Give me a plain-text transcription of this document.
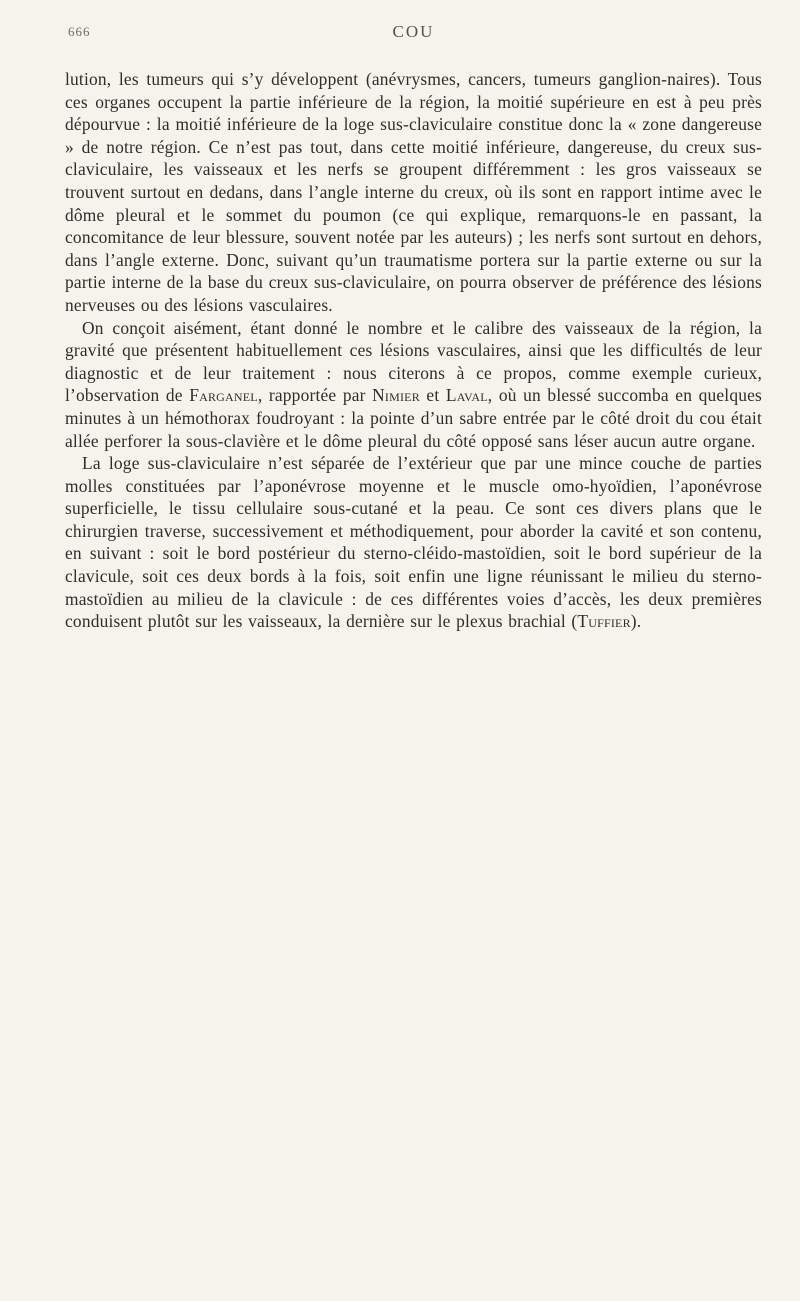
666	COU

lution, les tumeurs qui s’y développent (anévrysmes, cancers, tumeurs ganglion-naires). Tous ces organes occupent la partie inférieure de la région, la moitié supérieure en est à peu près dépourvue : la moitié inférieure de la loge sus-claviculaire constitue donc la « zone dangereuse » de notre région. Ce n’est pas tout, dans cette moitié inférieure, dangereuse, du creux sus-claviculaire, les vaisseaux et les nerfs se groupent différemment : les gros vaisseaux se trouvent surtout en dedans, dans l’angle interne du creux, où ils sont en rapport intime avec le dôme pleural et le sommet du poumon (ce qui explique, remarquons-le en passant, la concomitance de leur blessure, souvent notée par les auteurs) ; les nerfs sont surtout en dehors, dans l’angle externe. Donc, suivant qu’un traumatisme portera sur la partie externe ou sur la partie interne de la base du creux sus-claviculaire, on pourra observer de préférence des lésions nerveuses ou des lésions vasculaires.

On conçoit aisément, étant donné le nombre et le calibre des vaisseaux de la région, la gravité que présentent habituellement ces lésions vasculaires, ainsi que les difficultés de leur diagnostic et de leur traitement : nous citerons à ce propos, comme exemple curieux, l’observation de Farganel, rapportée par Nimier et Laval, où un blessé succomba en quelques minutes à un hémothorax foudroyant : la pointe d’un sabre entrée par le côté droit du cou était allée perforer la sous-clavière et le dôme pleural du côté opposé sans léser aucun autre organe.

La loge sus-claviculaire n’est séparée de l’extérieur que par une mince couche de parties molles constituées par l’aponévrose moyenne et le muscle omo-hyoïdien, l’aponévrose superficielle, le tissu cellulaire sous-cutané et la peau. Ce sont ces divers plans que le chirurgien traverse, successivement et méthodiquement, pour aborder la cavité et son contenu, en suivant : soit le bord postérieur du sterno-cléido-mastoïdien, soit le bord supérieur de la clavicule, soit ces deux bords à la fois, soit enfin une ligne réunissant le milieu du sterno-mastoïdien au milieu de la clavicule : de ces différentes voies d’accès, les deux premières conduisent plutôt sur les vaisseaux, la dernière sur le plexus brachial (Tuffier).
